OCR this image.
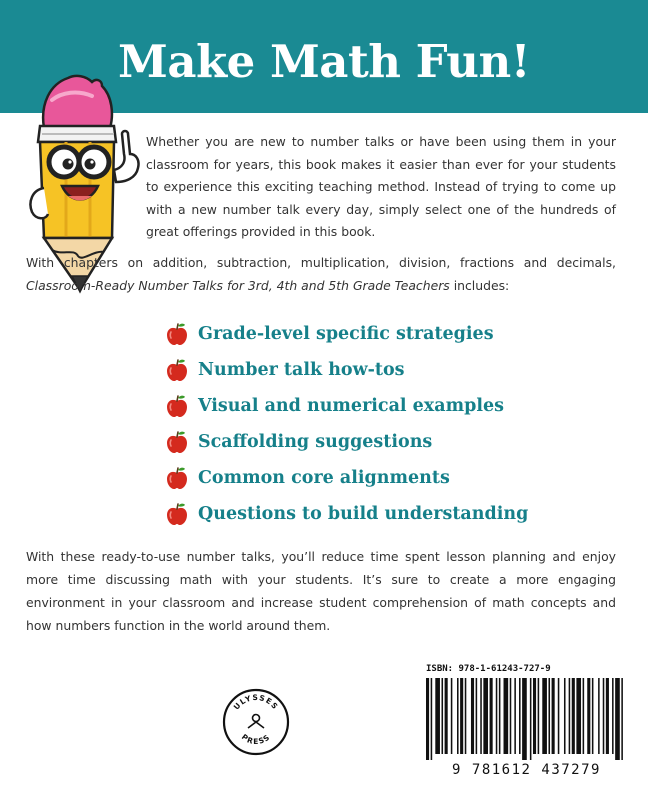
Make Math Fun!
Whether you are new to number talks or have been using them in your classroom for years, this book makes it easier than ever for your students to experience this exciting teaching method. Instead of trying to come up with a new number talk every day, simply select one of the hundreds of great offerings provided in this book.
With chapters on addition, subtraction, multiplication, division, fractions and decimals, Classroom-Ready Number Talks for 3rd, 4th and 5th Grade Teachers includes:
Grade-level specific strategies
Number talk how-tos
Visual and numerical examples
Scaffolding suggestions
Common core alignments
Questions to build understanding
With these ready-to-use number talks, you’ll reduce time spent lesson planning and enjoy more time discussing math with your students. It’s sure to create a more engaging environment in your classroom and increase student comprehension of math concepts and how numbers function in the world around them.
ULYSSES
PRESS
ISBN: 978-1-61243-727-9
9 781612 437279
